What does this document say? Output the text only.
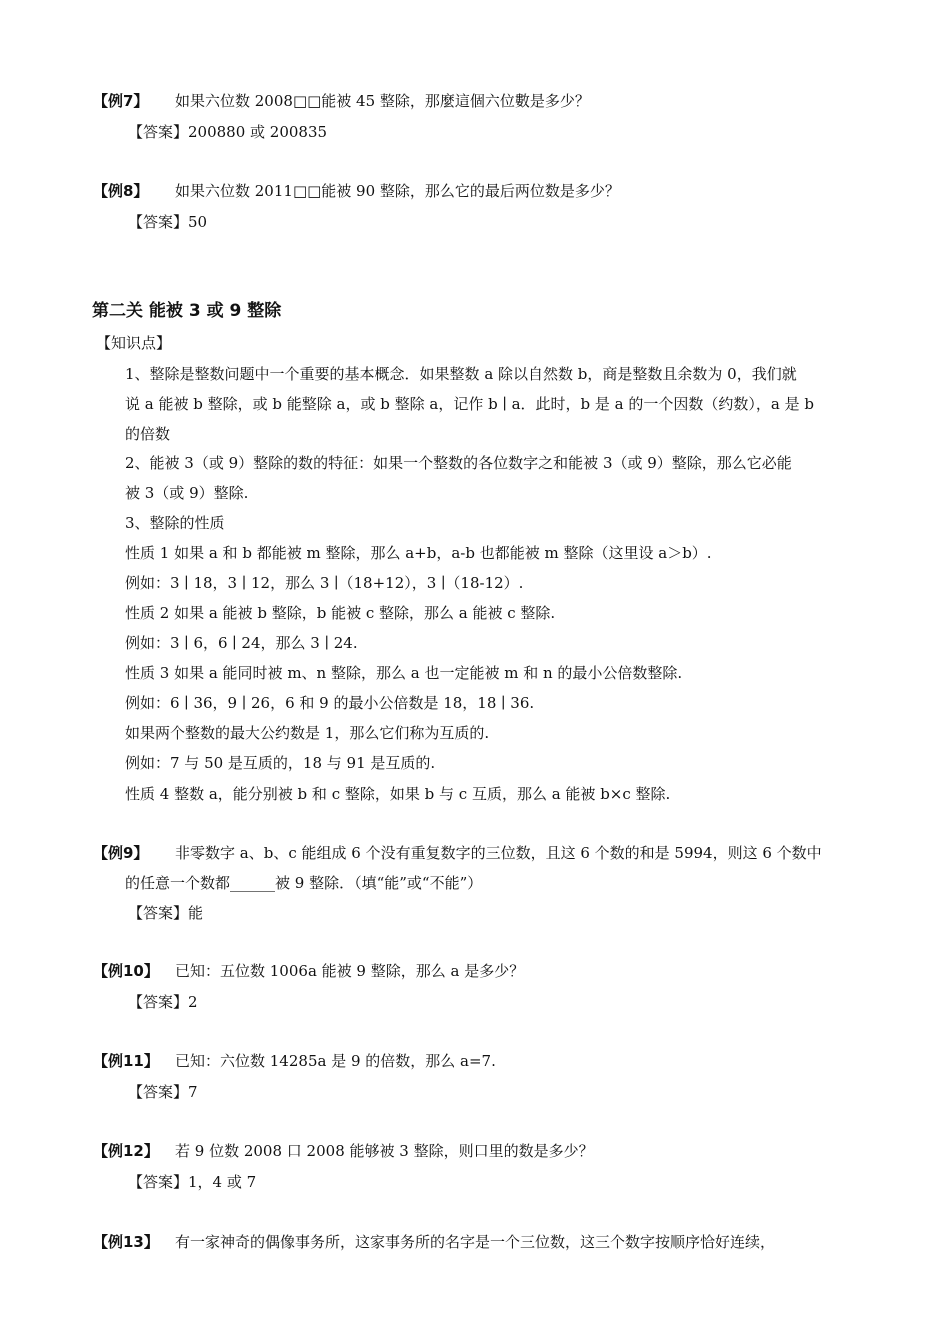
【例7】 如果六位数 2008□□能被 45 整除，那麼這個六位數是多少？
【答案】200880 或 200835
【例8】 如果六位数 2011□□能被 90 整除，那么它的最后两位数是多少？
【答案】50
第二关 能被 3 或 9 整除
【知识点】
1、整除是整数问题中一个重要的基本概念．如果整数 a 除以自然数 b，商是整数且余数为 0，我们就
说 a 能被 b 整除，或 b 能整除 a，或 b 整除 a，记作 b ∣ a．此时，b 是 a 的一个因数（约数），a 是 b
的倍数
2、能被 3（或 9）整除的数的特征：如果一个整数的各位数字之和能被 3（或 9）整除，那么它必能
被 3（或 9）整除.
3、整除的性质
性质 1 如果 a 和 b 都能被 m 整除，那么 a+b，a-b 也都能被 m 整除（这里设 a＞b）.
例如：3 ∣ 18，3 ∣ 12，那么 3 ∣（18+12），3 ∣（18-12）.
性质 2 如果 a 能被 b 整除，b 能被 c 整除，那么 a 能被 c 整除.
例如：3 ∣ 6，6 ∣ 24，那么 3 ∣ 24.
性质 3 如果 a 能同时被 m、n 整除，那么 a 也一定能被 m 和 n 的最小公倍数整除.
例如：6 ∣ 36，9 ∣ 26，6 和 9 的最小公倍数是 18，18 ∣ 36.
如果两个整数的最大公约数是 1，那么它们称为互质的.
例如：7 与 50 是互质的，18 与 91 是互质的.
性质 4 整数 a，能分别被 b 和 c 整除，如果 b 与 c 互质，那么 a 能被 b×c 整除.
【例9】 非零数字 a、b、c 能组成 6 个没有重复数字的三位数，且这 6 个数的和是 5994，则这 6 个数中
的任意一个数都______被 9 整除．（填“能”或“不能”）
【答案】能
【例10】 已知：五位数 1006a 能被 9 整除，那么 a 是多少？
【答案】2
【例11】 已知：六位数 14285a 是 9 的倍数，那么 a=7.
【答案】7
【例12】 若 9 位数 2008 口 2008 能够被 3 整除，则口里的数是多少？
【答案】1，4 或 7
【例13】 有一家神奇的偶像事务所，这家事务所的名字是一个三位数，这三个数字按顺序恰好连续，
